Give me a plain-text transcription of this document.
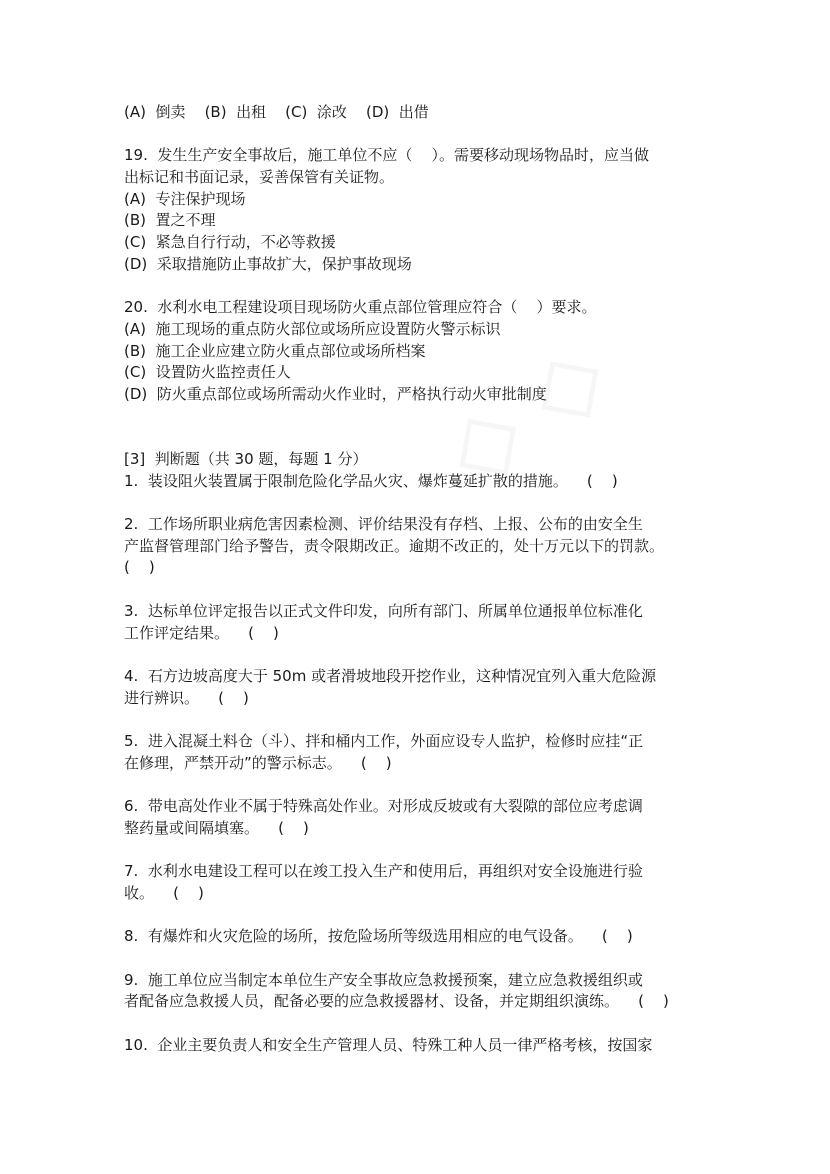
(A)  倒卖    (B)  出租    (C)  涂改    (D)  出借
19.  发生生产安全事故后，施工单位不应（    ）。需要移动现场物品时，应当做
出标记和书面记录，妥善保管有关证物。
(A)  专注保护现场
(B)  置之不理
(C)  紧急自行行动，不必等救援
(D)  采取措施防止事故扩大，保护事故现场
20.  水利水电工程建设项目现场防火重点部位管理应符合（    ）要求。
(A)  施工现场的重点防火部位或场所应设置防火警示标识
(B)  施工企业应建立防火重点部位或场所档案
(C)  设置防火监控责任人
(D)  防火重点部位或场所需动火作业时，严格执行动火审批制度
[3]  判断题（共 30 题，每题 1 分）
1.  装设阻火装置属于限制危险化学品火灾、爆炸蔓延扩散的措施。    (    )
2.  工作场所职业病危害因素检测、评价结果没有存档、上报、公布的由安全生
产监督管理部门给予警告，责令限期改正。逾期不改正的，处十万元以下的罚款。
(    )
3.  达标单位评定报告以正式文件印发，向所有部门、所属单位通报单位标准化
工作评定结果。    (    )
4.  石方边坡高度大于 50m 或者滑坡地段开挖作业，这种情况宜列入重大危险源
进行辨识。    (    )
5.  进入混凝土料仓（斗）、拌和桶内工作，外面应设专人监护，检修时应挂“正
在修理，严禁开动”的警示标志。    (    )
6.  带电高处作业不属于特殊高处作业。对形成反坡或有大裂隙的部位应考虑调
整药量或间隔填塞。    (    )
7.  水利水电建设工程可以在竣工投入生产和使用后，再组织对安全设施进行验
收。    (    )
8.  有爆炸和火灾危险的场所，按危险场所等级选用相应的电气设备。    (    )
9.  施工单位应当制定本单位生产安全事故应急救援预案，建立应急救援组织或
者配备应急救援人员，配备必要的应急救援器材、设备，并定期组织演练。    (    )
10.  企业主要负责人和安全生产管理人员、特殊工种人员一律严格考核，按国家
